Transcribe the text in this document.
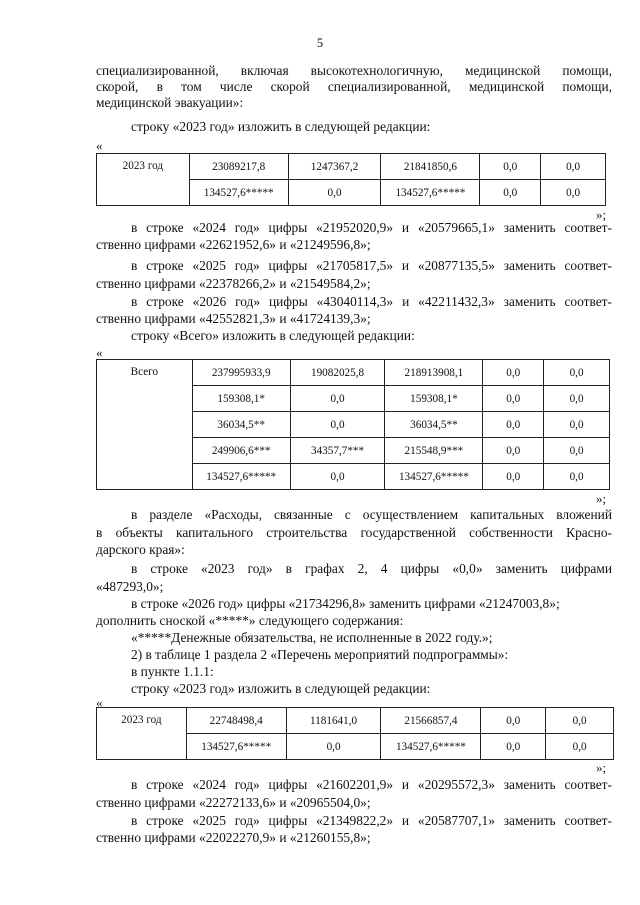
5
специализированной, включая высокотехнологичную, медицинской помощи,
скорой, в том числе скорой специализированной, медицинской помощи,
медицинской эвакуации»:
строку «2023 год» изложить в следующей редакции:
«
2023 год	23089217,8	1247367,2	21841850,6	0,0	0,0
	134527,6*****	0,0	134527,6*****	0,0	0,0
»;
в строке «2024 год» цифры «21952020,9» и «20579665,1» заменить соответ-
ственно цифрами «22621952,6» и «21249596,8»;
в строке «2025 год» цифры «21705817,5» и «20877135,5» заменить соответ-
ственно цифрами «22378266,2» и «21549584,2»;
в строке «2026 год» цифры «43040114,3» и «42211432,3» заменить соответ-
ственно цифрами «42552821,3» и «41724139,3»;
строку «Всего» изложить в следующей редакции:
«
Всего	237995933,9	19082025,8	218913908,1	0,0	0,0
	159308,1*	0,0	159308,1*	0,0	0,0
	36034,5**	0,0	36034,5**	0,0	0,0
	249906,6***	34357,7***	215548,9***	0,0	0,0
	134527,6*****	0,0	134527,6*****	0,0	0,0
»;
в разделе «Расходы, связанные с осуществлением капитальных вложений
в объекты капитального строительства государственной собственности Красно-
дарского края»:
в строке «2023 год» в графах 2, 4 цифры «0,0» заменить цифрами
«487293,0»;
в строке «2026 год» цифры «21734296,8» заменить цифрами «21247003,8»;
дополнить сноской «*****» следующего содержания:
«*****Денежные обязательства, не исполненные в 2022 году.»;
2) в таблице 1 раздела 2 «Перечень мероприятий подпрограммы»:
в пункте 1.1.1:
строку «2023 год» изложить в следующей редакции:
«
2023 год	22748498,4	1181641,0	21566857,4	0,0	0,0
	134527,6*****	0,0	134527,6*****	0,0	0,0
»;
в строке «2024 год» цифры «21602201,9» и «20295572,3» заменить соответ-
ственно цифрами «22272133,6» и «20965504,0»;
в строке «2025 год» цифры «21349822,2» и «20587707,1» заменить соответ-
ственно цифрами «22022270,9» и «21260155,8»;
